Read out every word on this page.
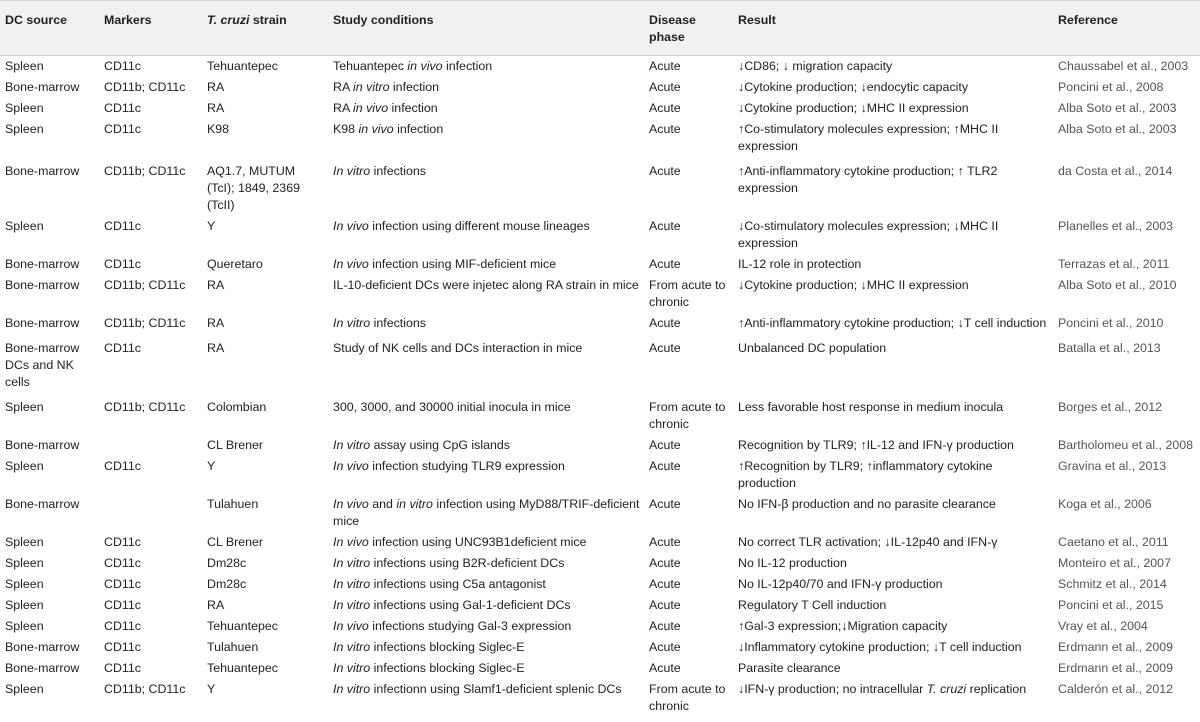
DC source	Markers	T. cruzi strain	Study conditions	Disease phase	Result	Reference
Spleen	CD11c	Tehuantepec	Tehuantepec in vivo infection	Acute	↓CD86; ↓ migration capacity	Chaussabel et al., 2003
Bone-marrow	CD11b; CD11c	RA	RA in vitro infection	Acute	↓Cytokine production; ↓endocytic capacity	Poncini et al., 2008
Spleen	CD11c	RA	RA in vivo infection	Acute	↓Cytokine production; ↓MHC II expression	Alba Soto et al., 2003
Spleen	CD11c	K98	K98 in vivo infection	Acute	↑Co-stimulatory molecules expression; ↑MHC II expression	Alba Soto et al., 2003
Bone-marrow	CD11b; CD11c	AQ1.7, MUTUM (TcI); 1849, 2369 (TcII)	In vitro infections	Acute	↑Anti-inflammatory cytokine production; ↑ TLR2 expression	da Costa et al., 2014
Spleen	CD11c	Y	In vivo infection using different mouse lineages	Acute	↓Co-stimulatory molecules expression; ↓MHC II expression	Planelles et al., 2003
Bone-marrow	CD11c	Queretaro	In vivo infection using MIF-deficient mice	Acute	IL-12 role in protection	Terrazas et al., 2011
Bone-marrow	CD11b; CD11c	RA	IL-10-deficient DCs were injetec along RA strain in mice	From acute to chronic	↓Cytokine production; ↓MHC II expression	Alba Soto et al., 2010
Bone-marrow	CD11b; CD11c	RA	In vitro infections	Acute	↑Anti-inflammatory cytokine production; ↓T cell induction	Poncini et al., 2010
Bone-marrow DCs and NK cells	CD11c	RA	Study of NK cells and DCs interaction in mice	Acute	Unbalanced DC population	Batalla et al., 2013
Spleen	CD11b; CD11c	Colombian	300, 3000, and 30000 initial inocula in mice	From acute to chronic	Less favorable host response in medium inocula	Borges et al., 2012
Bone-marrow		CL Brener	In vitro assay using CpG islands	Acute	Recognition by TLR9; ↑IL-12 and IFN-γ production	Bartholomeu et al., 2008
Spleen	CD11c	Y	In vivo infection studying TLR9 expression	Acute	↑Recognition by TLR9; ↑inflammatory cytokine production	Gravina et al., 2013
Bone-marrow		Tulahuen	In vivo and in vitro infection using MyD88/TRIF-deficient mice	Acute	No IFN-β production and no parasite clearance	Koga et al., 2006
Spleen	CD11c	CL Brener	In vivo infection using UNC93B1deficient mice	Acute	No correct TLR activation; ↓IL-12p40 and IFN-γ	Caetano et al., 2011
Spleen	CD11c	Dm28c	In vitro infections using B2R-deficient DCs	Acute	No IL-12 production	Monteiro et al., 2007
Spleen	CD11c	Dm28c	In vitro infections using C5a antagonist	Acute	No IL-12p40/70 and IFN-γ production	Schmitz et al., 2014
Spleen	CD11c	RA	In vitro infections using Gal-1-deficient DCs	Acute	Regulatory T Cell induction	Poncini et al., 2015
Spleen	CD11c	Tehuantepec	In vivo infections studying Gal-3 expression	Acute	↑Gal-3 expression;↓Migration capacity	Vray et al., 2004
Bone-marrow	CD11c	Tulahuen	In vitro infections blocking Siglec-E	Acute	↓Inflammatory cytokine production; ↓T cell induction	Erdmann et al., 2009
Bone-marrow	CD11c	Tehuantepec	In vitro infections blocking Siglec-E	Acute	Parasite clearance	Erdmann et al., 2009
Spleen	CD11b; CD11c	Y	In vitro infectionn using Slamf1-deficient splenic DCs	From acute to chronic	↓IFN-γ production; no intracellular T. cruzi replication	Calderón et al., 2012
